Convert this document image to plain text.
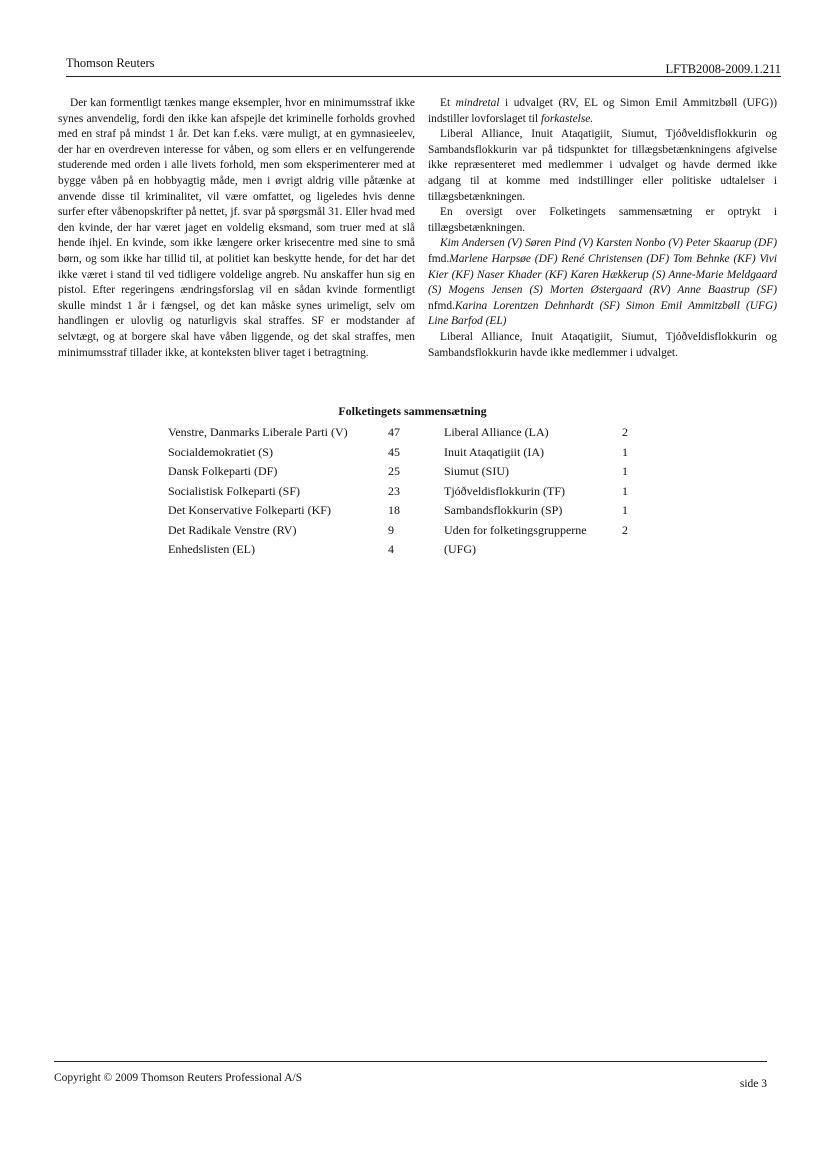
Thomson Reuters	LFTB2008-2009.1.211

Der kan formentligt tænkes mange eksempler, hvor en minimumsstraf ikke synes anvendelig, fordi den ikke kan afspejle det kriminelle forholds grovhed med en straf på mindst 1 år. Det kan f.eks. være muligt, at en gymnasieelev, der har en overdreven interesse for våben, og som ellers er en velfungerende studerende med orden i alle livets forhold, men som eksperimenterer med at bygge våben på en hobbyagtig måde, men i øvrigt aldrig ville påtænke at anvende disse til kriminalitet, vil være omfattet, og ligeledes hvis denne surfer efter våbenopskrifter på nettet, jf. svar på spørgsmål 31. Eller hvad med den kvinde, der har været jaget en voldelig eksmand, som truer med at slå hende ihjel. En kvinde, som ikke længere orker krisecentre med sine to små børn, og som ikke har tillid til, at politiet kan beskytte hende, for det har det ikke været i stand til ved tidligere voldelige angreb. Nu anskaffer hun sig en pistol. Efter regeringens ændringsforslag vil en sådan kvinde formentligt skulle mindst 1 år i fængsel, og det kan måske synes urimeligt, selv om handlingen er ulovlig og naturligvis skal straffes. SF er modstander af selvtægt, og at borgere skal have våben liggende, og det skal straffes, men minimumsstraf tillader ikke, at konteksten bliver taget i betragtning.

Et mindretal i udvalget (RV, EL og Simon Emil Ammitzbøll (UFG)) indstiller lovforslaget til forkastelse.

Liberal Alliance, Inuit Ataqatigiit, Siumut, Tjóðveldisflokkurin og Sambandsflokkurin var på tidspunktet for tillægsbetænkningens afgivelse ikke repræsenteret med medlemmer i udvalget og havde dermed ikke adgang til at komme med indstillinger eller politiske udtalelser i tillægsbetænkningen.

En oversigt over Folketingets sammensætning er optrykt i tillægsbetænkningen.

Kim Andersen (V) Søren Pind (V) Karsten Nonbo (V) Peter Skaarup (DF) fmd.Marlene Harpsøe (DF) René Christensen (DF) Tom Behnke (KF) Vivi Kier (KF) Naser Khader (KF) Karen Hækkerup (S) Anne-Marie Meldgaard (S) Mogens Jensen (S) Morten Østergaard (RV) Anne Baastrup (SF) nfmd.Karina Lorentzen Dehnhardt (SF) Simon Emil Ammitzbøll (UFG) Line Barfod (EL)

Liberal Alliance, Inuit Ataqatigiit, Siumut, Tjóðveldisflokkurin og Sambandsflokkurin havde ikke medlemmer i udvalget.

Folketingets sammensætning
Venstre, Danmarks Liberale Parti (V)	47	Liberal Alliance (LA)	2
Socialdemokratiet (S)	45	Inuit Ataqatigiit (IA)	1
Dansk Folkeparti (DF)	25	Siumut (SIU)	1
Socialistisk Folkeparti (SF)	23	Tjóðveldisflokkurin (TF)	1
Det Konservative Folkeparti (KF)	18	Sambandsflokkurin (SP)	1
Det Radikale Venstre (RV)	9	Uden for folketingsgrupperne	2
Enhedslisten (EL)	4	(UFG)	
Copyright © 2009 Thomson Reuters Professional A/S	side 3
